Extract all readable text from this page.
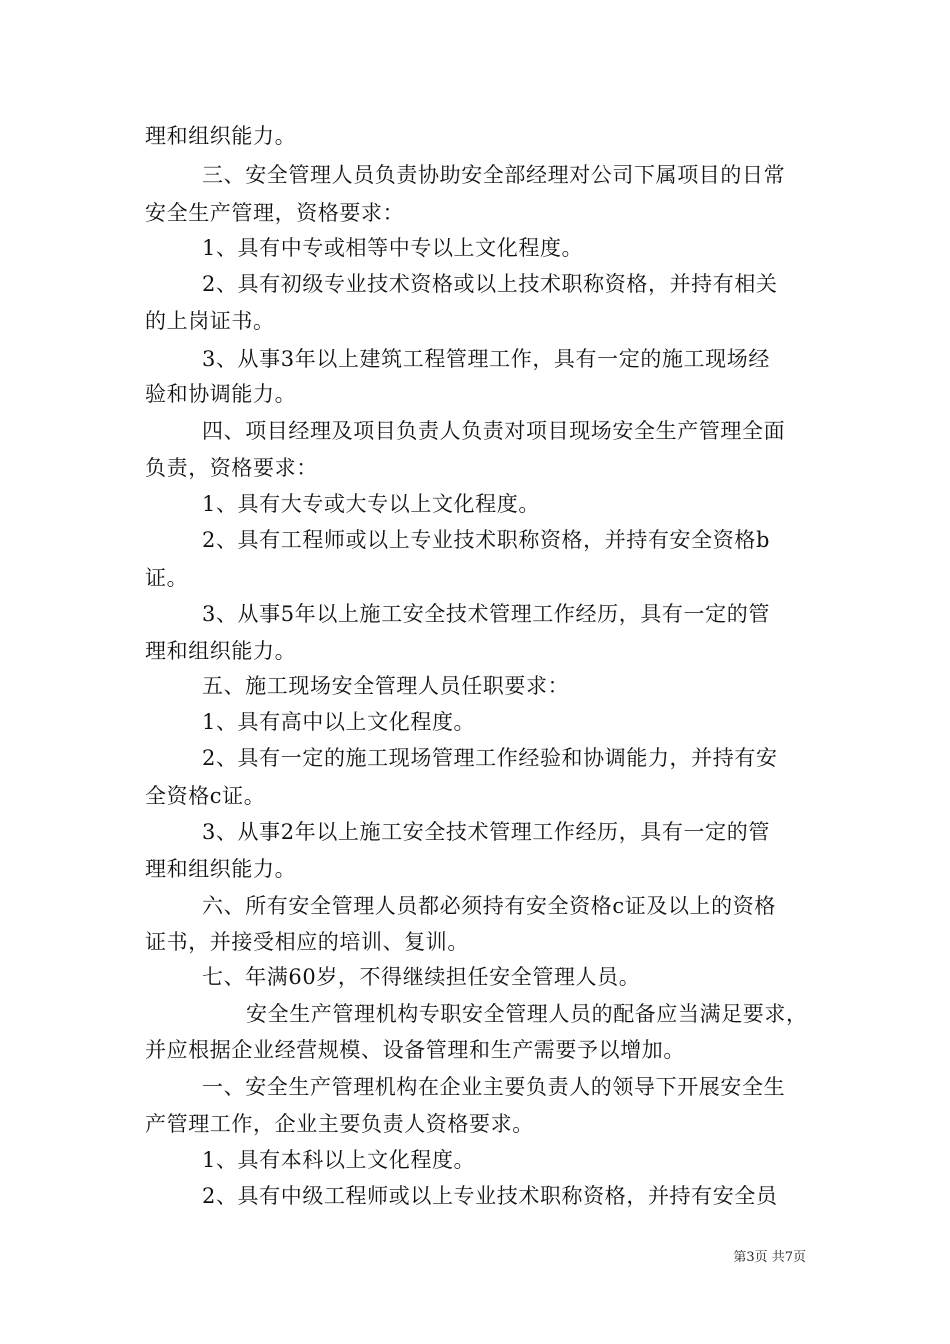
理和组织能力。
三、安全管理人员负责协助安全部经理对公司下属项目的日常
安全生产管理，资格要求：
1、具有中专或相等中专以上文化程度。
2、具有初级专业技术资格或以上技术职称资格，并持有相关
的上岗证书。
3、从事3年以上建筑工程管理工作，具有一定的施工现场经
验和协调能力。
四、项目经理及项目负责人负责对项目现场安全生产管理全面
负责，资格要求：
1、具有大专或大专以上文化程度。
2、具有工程师或以上专业技术职称资格，并持有安全资格b
证。
3、从事5年以上施工安全技术管理工作经历，具有一定的管
理和组织能力。
五、施工现场安全管理人员任职要求：
1、具有高中以上文化程度。
2、具有一定的施工现场管理工作经验和协调能力，并持有安
全资格c证。
3、从事2年以上施工安全技术管理工作经历，具有一定的管
理和组织能力。
六、所有安全管理人员都必须持有安全资格c证及以上的资格
证书，并接受相应的培训、复训。
七、年满60岁，不得继续担任安全管理人员。
安全生产管理机构专职安全管理人员的配备应当满足要求，
并应根据企业经营规模、设备管理和生产需要予以增加。
一、安全生产管理机构在企业主要负责人的领导下开展安全生
产管理工作，企业主要负责人资格要求。
1、具有本科以上文化程度。
2、具有中级工程师或以上专业技术职称资格，并持有安全员
第3页 共7页
